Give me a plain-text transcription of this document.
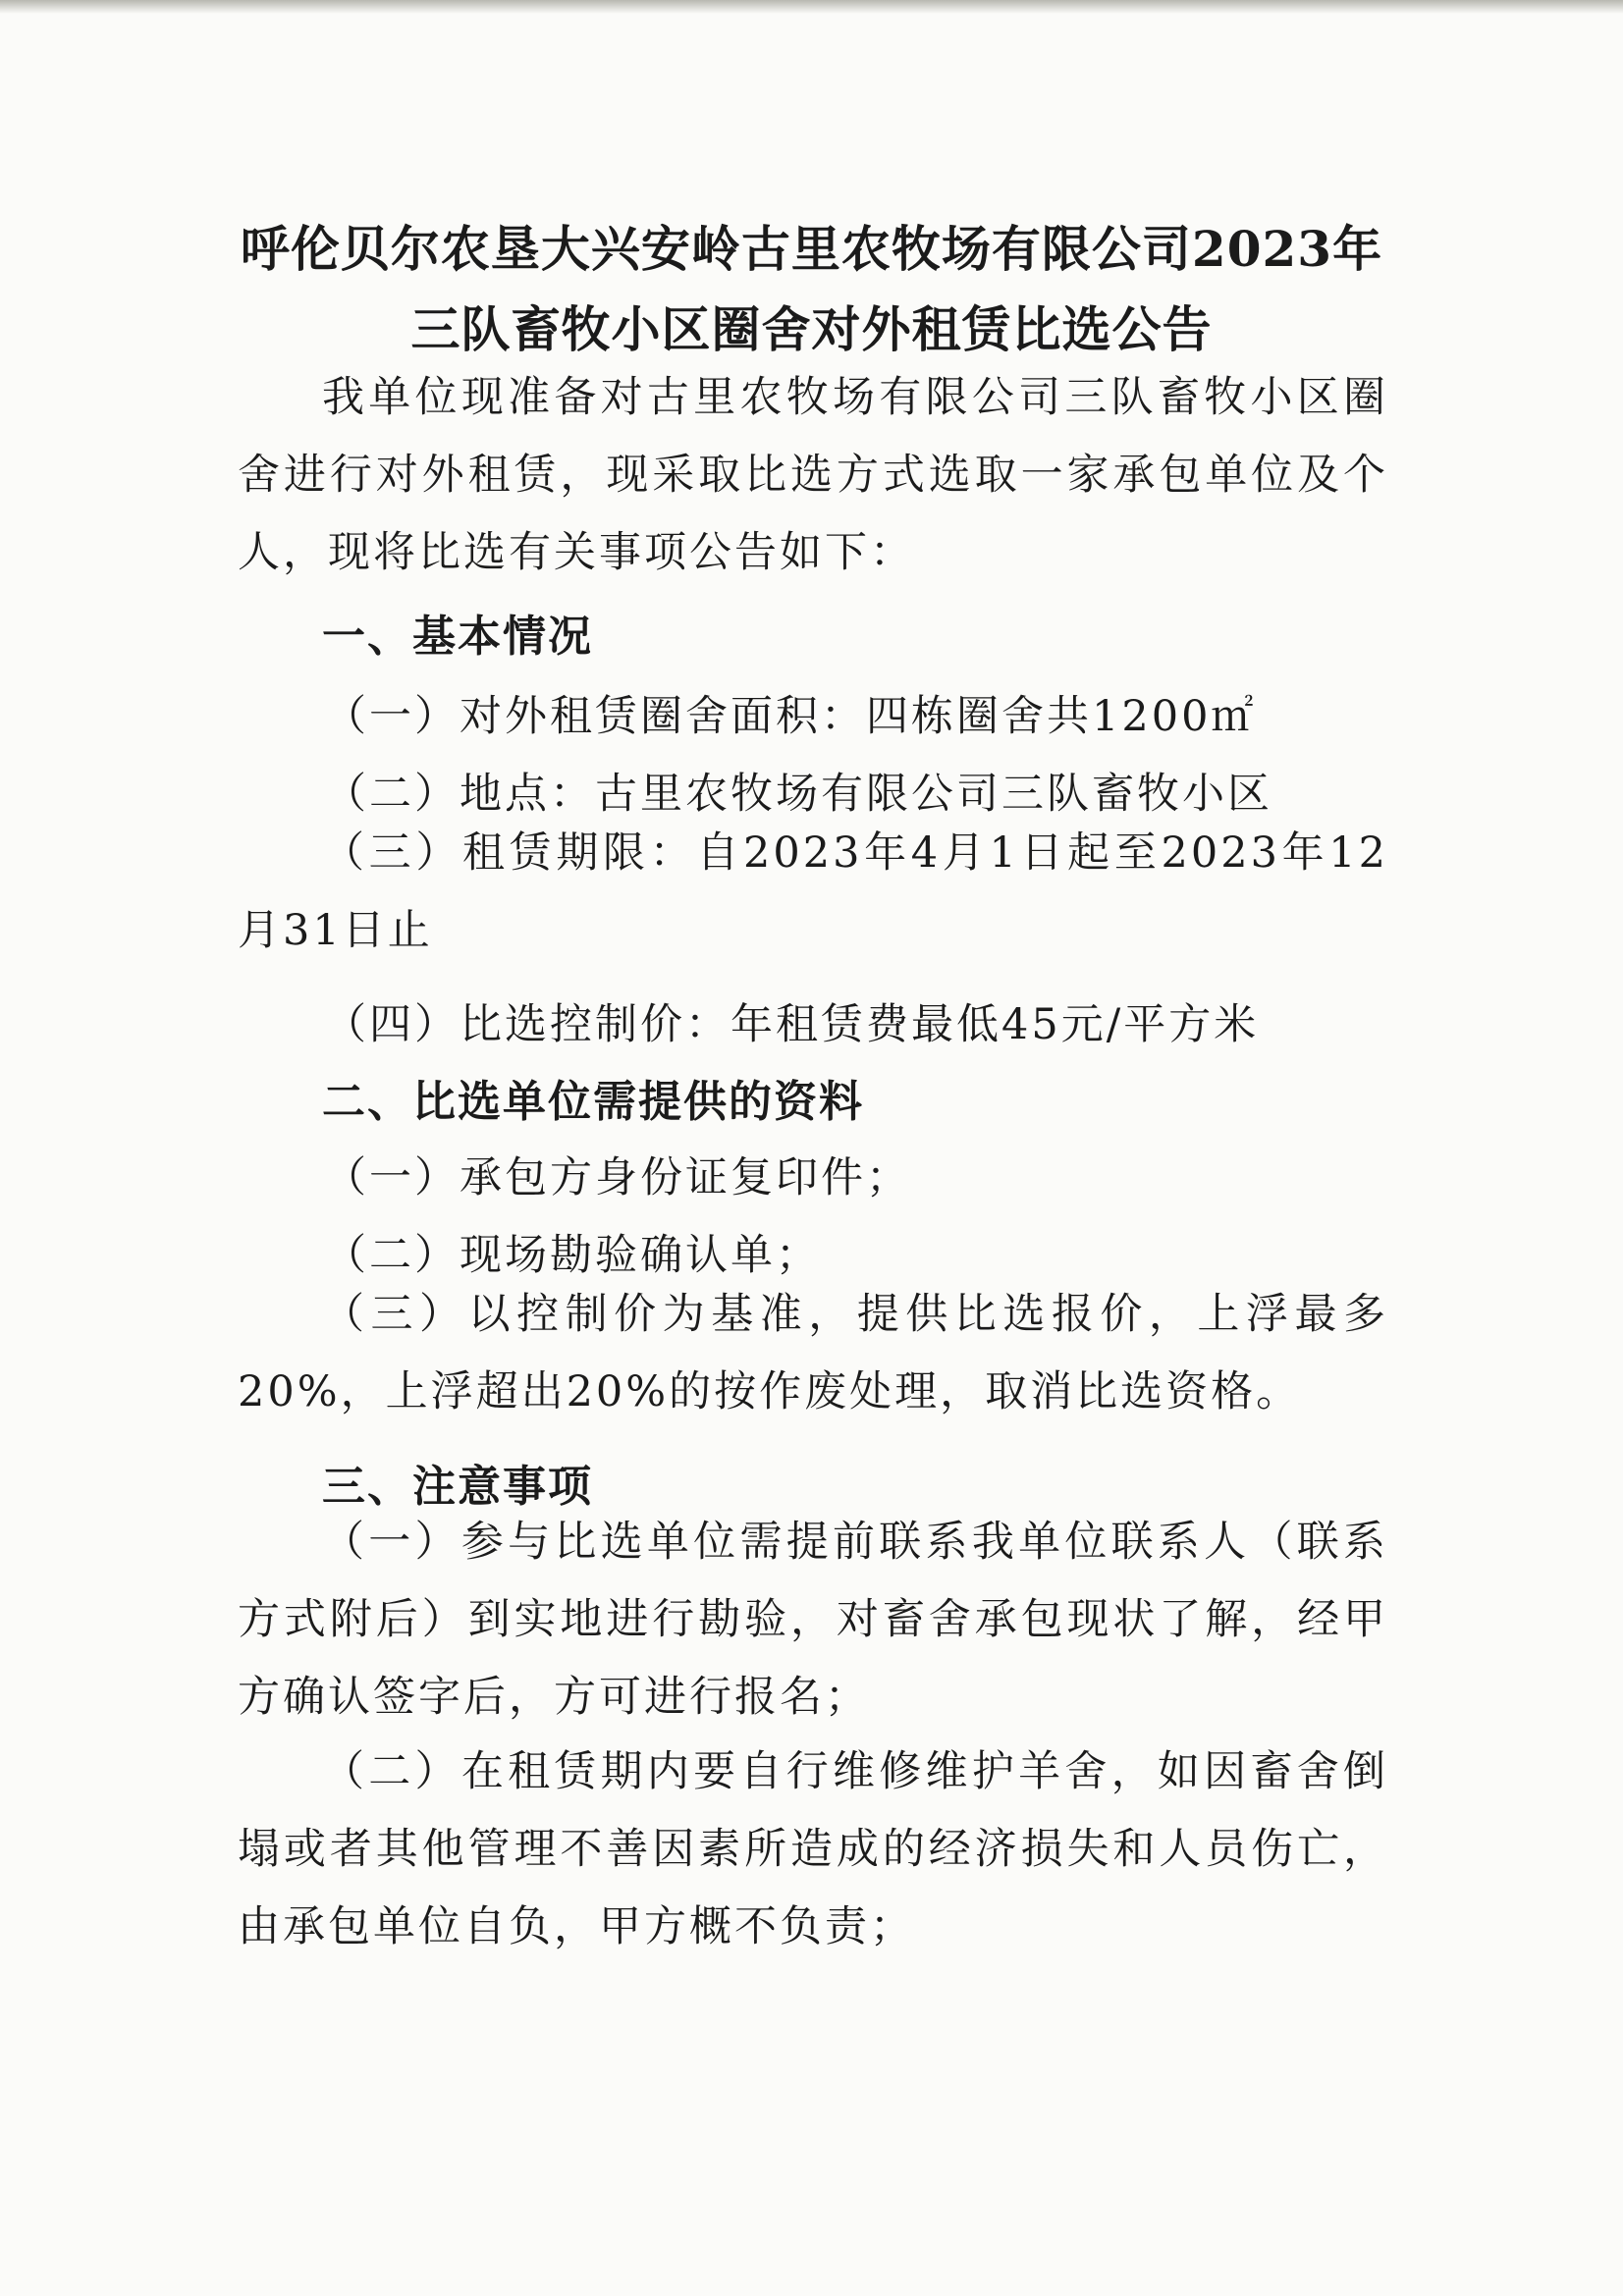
呼伦贝尔农垦大兴安岭古里农牧场有限公司2023年
三队畜牧小区圈舍对外租赁比选公告
我单位现准备对古里农牧场有限公司三队畜牧小区圈舍进行对外租赁，现采取比选方式选取一家承包单位及个人，现将比选有关事项公告如下：
一、基本情况
（一）对外租赁圈舍面积：四栋圈舍共1200㎡
（二）地点：古里农牧场有限公司三队畜牧小区
（三）租赁期限：自2023年4月1日起至2023年12月31日止
（四）比选控制价：年租赁费最低45元/平方米
二、比选单位需提供的资料
（一）承包方身份证复印件；
（二）现场勘验确认单；
（三）以控制价为基准，提供比选报价，上浮最多20%，上浮超出20%的按作废处理，取消比选资格。
三、注意事项
（一）参与比选单位需提前联系我单位联系人（联系方式附后）到实地进行勘验，对畜舍承包现状了解，经甲方确认签字后，方可进行报名；
（二）在租赁期内要自行维修维护羊舍，如因畜舍倒塌或者其他管理不善因素所造成的经济损失和人员伤亡，由承包单位自负，甲方概不负责；
